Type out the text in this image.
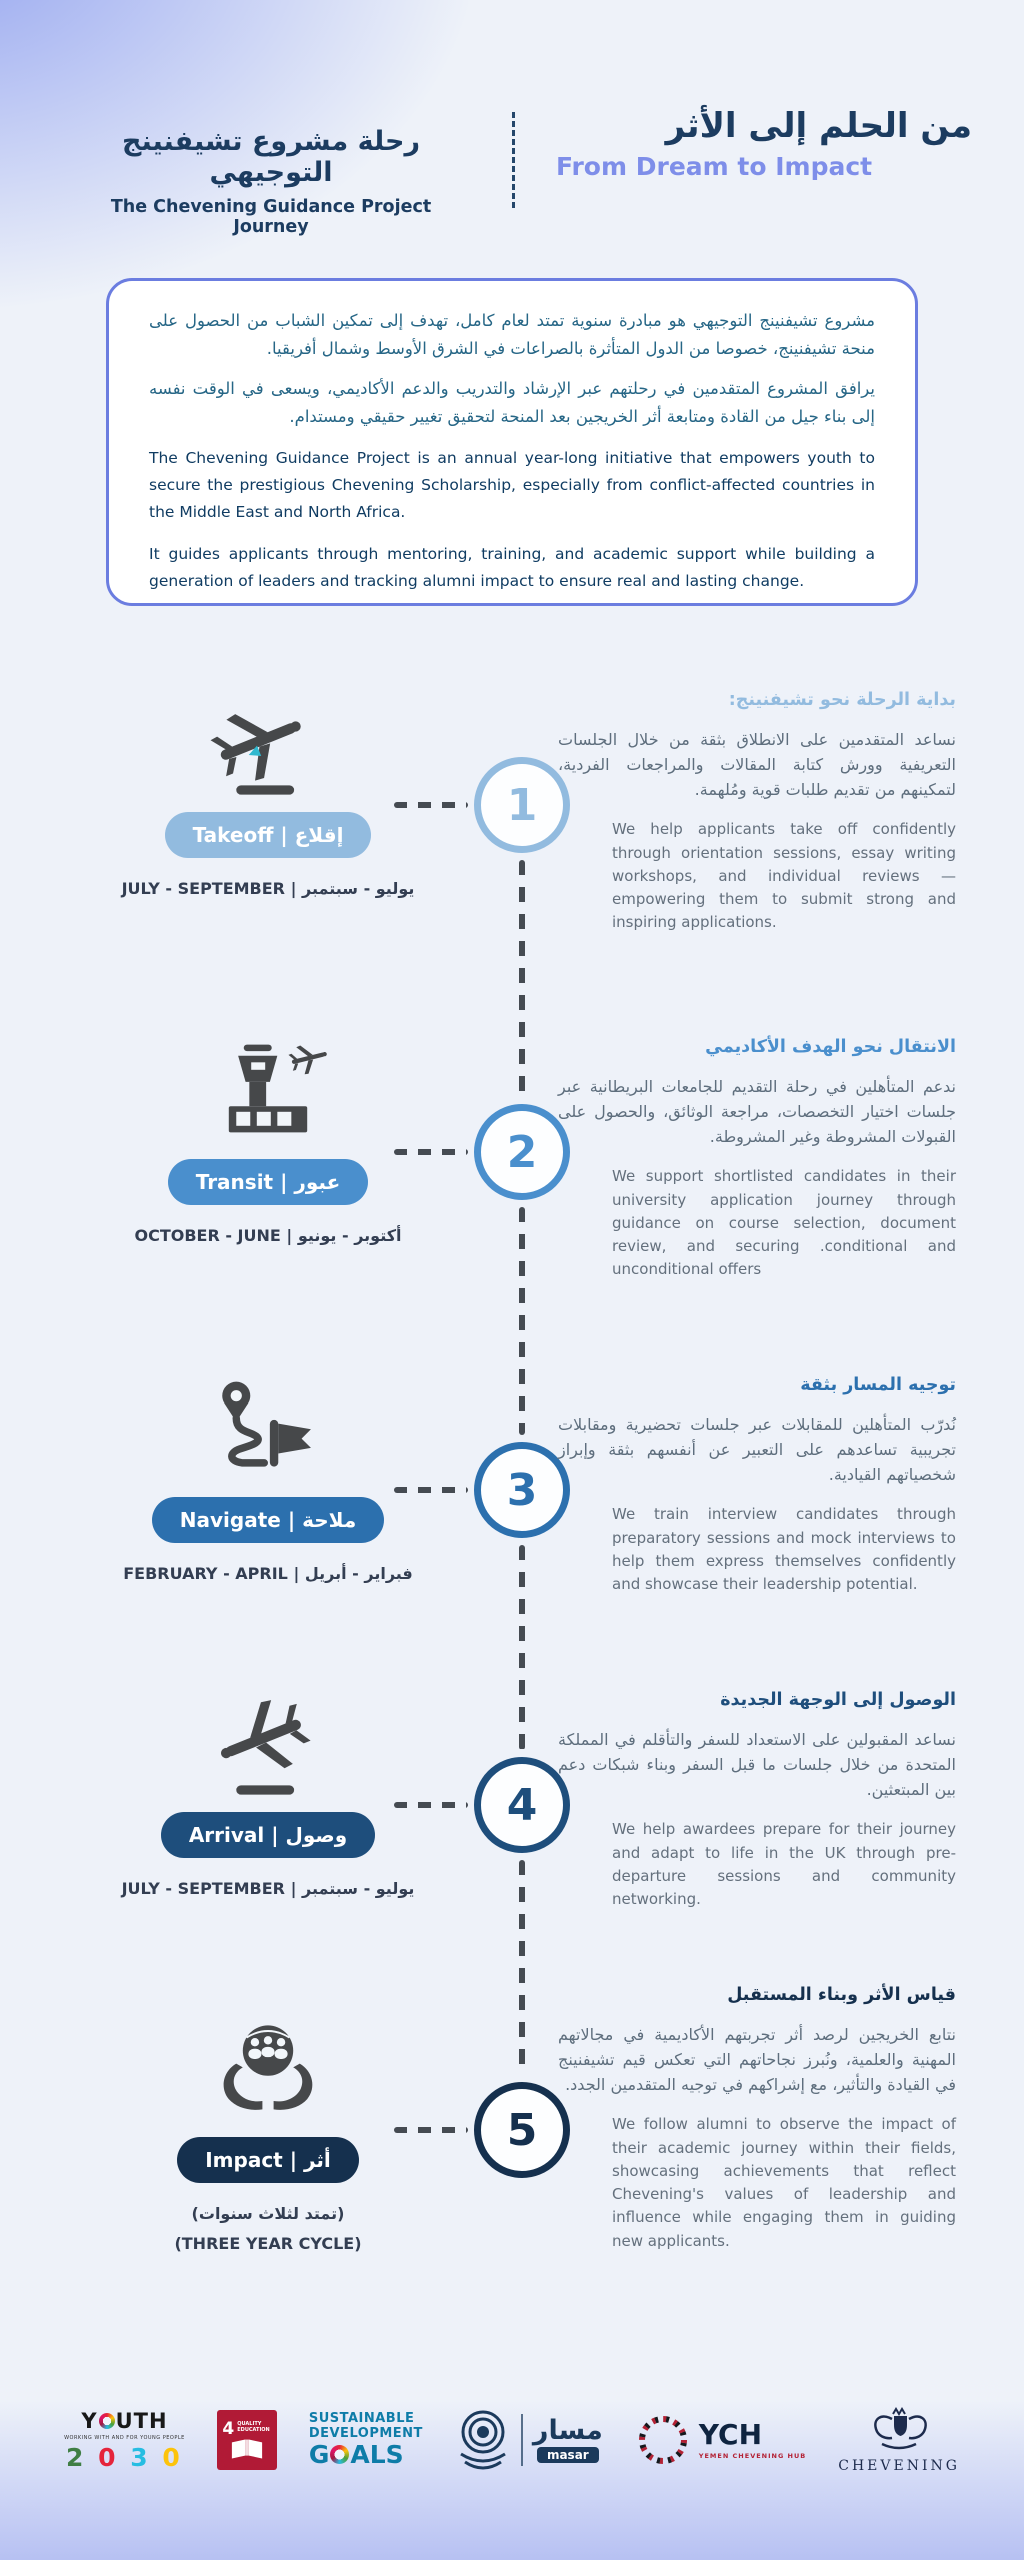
رحلة مشروع تشيفنينج التوجيهي
The Chevening Guidance Project Journey
من الحلم إلى الأثر
From Dream to Impact

مشروع تشيفنينج التوجيهي هو مبادرة سنوية تمتد لعام كامل، تهدف إلى تمكين الشباب من الحصول على منحة تشيفنينج، خصوصا من الدول المتأثرة بالصراعات في الشرق الأوسط وشمال أفريقيا.

يرافق المشروع المتقدمين في رحلتهم عبر الإرشاد والتدريب والدعم الأكاديمي، ويسعى في الوقت نفسه إلى بناء جيل من القادة ومتابعة أثر الخريجين بعد المنحة لتحقيق تغيير حقيقي ومستدام.

The Chevening Guidance Project is an annual year-long initiative that empowers youth to secure the prestigious Chevening Scholarship, especially from conflict-affected countries in the Middle East and North Africa.

It guides applicants through mentoring, training, and academic support while building a generation of leaders and tracking alumni impact to ensure real and lasting change.

إقلاع | Takeoff
JULY - SEPTEMBER | يوليو - سبتمبر
1
بداية الرحلة نحو تشيفنينج:

نساعد المتقدمين على الانطلاق بثقة من خلال الجلسات التعريفية وورش كتابة المقالات والمراجعات الفردية، لتمكينهم من تقديم طلبات قوية ومُلهمة.

We help applicants take off confidently through orientation sessions, essay writing workshops, and individual reviews — empowering them to submit strong and inspiring applications.

عبور | Transit
OCTOBER - JUNE | أكتوبر - يونيو
2
الانتقال نحو الهدف الأكاديمي

ندعم المتأهلين في رحلة التقديم للجامعات البريطانية عبر جلسات اختيار التخصصات، مراجعة الوثائق، والحصول على القبولات المشروطة وغير المشروطة.

We support shortlisted candidates in their university application journey through guidance on course selection, document review, and securing .conditional and unconditional offers

ملاحة | Navigate
FEBRUARY - APRIL | فبراير - أبريل
3
توجيه المسار بثقة

نُدرّب المتأهلين للمقابلات عبر جلسات تحضيرية ومقابلات تجريبية تساعدهم على التعبير عن أنفسهم بثقة وإبراز شخصياتهم القيادية.

We train interview candidates through preparatory sessions and mock interviews to help them express themselves confidently and showcase their leadership potential.

وصول | Arrival
JULY - SEPTEMBER | يوليو - سبتمبر
4
الوصول إلى الوجهة الجديدة

نساعد المقبولين على الاستعداد للسفر والتأقلم في المملكة المتحدة من خلال جلسات ما قبل السفر وبناء شبكات دعم بين المبتعثين.

We help awardees prepare for their journey and adapt to life in the UK through pre-departure sessions and community networking.

أثر | Impact
(تمتد لثلاث سنوات)
(THREE YEAR CYCLE)
5
قياس الأثر وبناء المستقبل

نتابع الخريجين لرصد أثر تجربتهم الأكاديمية في مجالاتهم المهنية والعلمية، ونُبرز نجاحاتهم التي تعكس قيم تشيفنينج في القيادة والتأثير، مع إشراكهم في توجيه المتقدمين الجدد.

We follow alumni to observe the impact of their academic journey within their fields, showcasing achievements that reflect Chevening's values of leadership and influence while engaging them in guiding new applicants.

Y UTH
WORKING WITH AND FOR YOUNG PEOPLE
2 0 3 0
4 QUALITY EDUCATION
SUSTAINABLE
DEVELOPMENT
G ALS
مسار
masar
YCH
YEMEN CHEVENING HUB
CHEVENING
